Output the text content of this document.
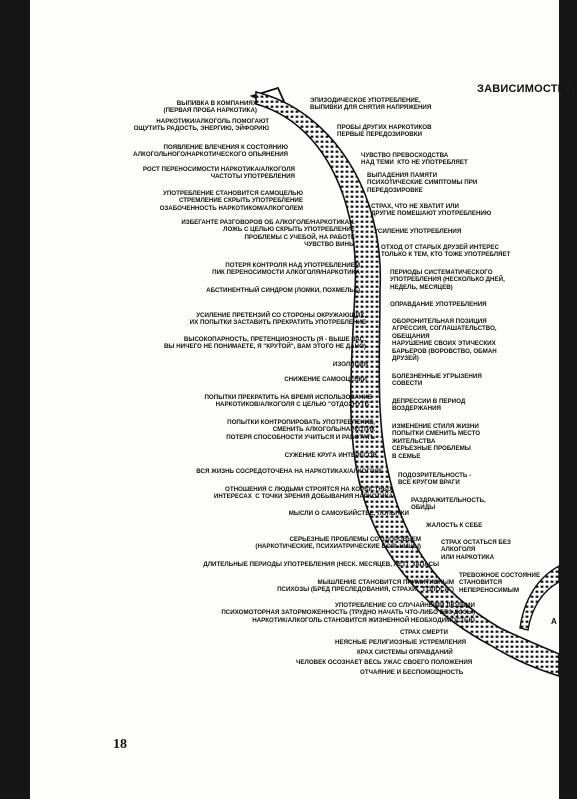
А
ЗАВИСИМОСТЬ И
ВЫПИВКА В КОМПАНИЯХ
(ПЕРВАЯ ПРОБА НАРКОТИКА)
НАРКОТИКИ/АЛКОГОЛЬ ПОМОГАЮТ
ОЩУТИТЬ РАДОСТЬ, ЭНЕРГИЮ, ЭЙФОРИЮ
ПОЯВЛЕНИЕ ВЛЕЧЕНИЯ К СОСТОЯНИЮ
АЛКОГОЛЬНОГО/НАРКОТИЧЕСКОГО ОПЬЯНЕНИЯ
РОСТ ПЕРЕНОСИМОСТИ НАРКОТИКА/АЛКОГОЛЯ
ЧАСТОТЫ УПОТРЕБЛЕНИЯ
УПОТРЕБЛЕНИЕ СТАНОВИТСЯ САМОЦЕЛЬЮ
СТРЕМЛЕНИЕ СКРЫТЬ УПОТРЕБЛЕНИЕ
ОЗАБОЧЕННОСТЬ НАРКОТИКОМ/АЛКОГОЛЕМ
ИЗБЕГАНТЕ РАЗГОВОРОВ ОБ АЛКОГОЛЕ/НАРКОТИКАХ.
ЛОЖЬ С ЦЕЛЬЮ СКРЫТЬ УПОТРЕБЛЕНИЕ
ПРОБЛЕМЫ С УЧЕБОЙ, НА РАБОТЕ
ЧУВСТВО ВИНЫ
ПОТЕРЯ КОНТРОЛЯ НАД УПОТРЕБЛЕНИЕМ
ПИК ПЕРЕНОСИМОСТИ АЛКОГОЛЯ/НАРКОТИКА
АБСТИНЕНТНЫЙ СИНДРОМ (ЛОМКИ, ПОХМЕЛЬЕ)
УСИЛЕНИЕ ПРЕТЕНЗИЙ СО СТОРОНЫ ОКРУЖАЮЩИХ,
ИХ ПОПЫТКИ ЗАСТАВИТЬ ПРЕКРАТИТЬ УПОТРЕБЛЕНИЕ
ВЫСОКОПАРНОСТЬ, ПРЕТЕНЦИОЗНОСТЬ (Я - ВЫШЕ ВАС,
ВЫ НИЧЕГО НЕ ПОНИМАЕТЕ, Я "КРУТОЙ", ВАМ ЭТОГО НЕ ДАНО)
ИЗОЛЯЦИЯ
СНИЖЕНИЕ САМООЦЕНКИ
ПОПЫТКИ ПРЕКРАТИТЬ НА ВРЕМЯ ИСПОЛЬЗОВАНИЕ
НАРКОТИКОВ/АЛКОГОЛЯ С ЦЕЛЬЮ "ОТДОХНУТЬ"
ПОПЫТКИ КОНТРОПИРОВАТЬ УПОТРЕБЛЕНИЕ,
СМЕНИТЬ АЛКОГОЛЬ/НАРКОТИК
ПОТЕРЯ СПОСОБНОСТИ УЧИТЬСЯ И РАБОТАТЬ
СУЖЕНИЕ КРУГА ИНТЕРЕСОВ
ВСЯ ЖИЗНЬ СОСРЕДОТОЧЕНА НА НАРКОТИКАХ/АЛКОГОЛЕ
ОТНОШЕНИЯ С ЛЮДЬМИ СТРОЯТСЯ НА КОРЫСТНЫХ
ИНТЕРЕСАХ  С ТОЧКИ ЗРЕНИЯ ДОБЫВАНИЯ НАРКОТИКА
МЫСЛИ О САМОУБИЙСТВЕ, ПОПЫТКИ
СЕРЬЕЗНЫЕ ПРОБЛЕМЫ СО ЗДОРОВЬЕМ
(НАРКОТИЧЕСКИЕ, ПСИХИАТРИЧЕСКИЕ БОЛЬНИЦЫ)
ДЛИТЕЛЬНЫЕ ПЕРИОДЫ УПОТРЕБЛЕНИЯ (НЕСК. МЕСЯЦЕВ, ЛЕТ)  ЗАПАСЫ
МЫШЛЕНИЕ СТАНОВИТСЯ ПРИМИТИВНЫМ
ПСИХОЗЫ (БРЕД ПРЕСЛЕДОВАНИЯ, СТРАХИ, "ГОЛОСА")
УПОТРЕБЛЕНИЕ СО СЛУЧАЙНЫМИ ЛЮДЬМИ
ПСИХОМОТОРНАЯ ЗАТОРМОЖЕННОСТЬ (ТРУДНО НАЧАТЬ ЧТО-ЛИБО БЕЗ ДОЗЫ)
НАРКОТИК/АЛКОГОЛЬ СТАНОВИТСЯ ЖИЗНЕННОЙ НЕОБХОДИМОСТЬЮ
ЭПИЗОДИЧЕСКОЕ УПОТРЕБЛЕНИЕ,
ВЫПИВКИ ДЛЯ СНЯТИЯ НАПРЯЖЕНИЯ
ПРОБЫ ДРУГИХ НАРКОТИКОВ
ПЕРВЫЕ ПЕРЕДОЗИРОВКИ
ЧУВСТВО ПРЕВОСХОДСТВА
НАД ТЕМИ  КТО НЕ УПОТРЕБЛЯЕТ
ВЫПАДЕНИЯ ПАМЯТИ
ПСИХОТИЧЕСКИЕ СИМПТОМЫ ПРИ
ПЕРЕДОЗИРОВКЕ
СТРАХ, ЧТО НЕ ХВАТИТ ИЛИ
ДРУГИЕ ПОМЕШАЮТ УПОТРЕБЛЕНИЮ
УСИЛЕНИЕ УПОТРЕБЛЕНИЯ
ОТХОД ОТ СТАРЫХ ДРУЗЕЙ ИНТЕРЕС
ТОЛЬКО К ТЕМ, КТО ТОЖЕ УПОТРЕБЛЯЕТ
ПЕРИОДЫ СИСТЕМАТИЧЕСКОГО
УПОТРЕБЛЕНИЯ (НЕСКОЛЬКО ДНЕЙ,
НЕДЕЛЬ, МЕСЯЦЕВ)
ОПРАВДАНИЕ УПОТРЕБЛЕНИЯ
ОБОРОНИТЕЛЬНАЯ ПОЗИЦИЯ
АГРЕССИЯ, СОГЛАШАТЕЛЬСТВО,
ОБЕЩАНИЯ
НАРУШЕНИЕ СВОИХ ЭТИЧЕСКИХ
БАРЬЕРОВ (ВОРОВСТВО, ОБМАН
ДРУЗЕЙ)
БОЛЕЗНЕННЫЕ УГРЫЗЕНИЯ
СОВЕСТИ
ДЕПРЕССИИ В ПЕРИОД
ВОЗДЕРЖАНИЯ
ИЗМЕНЕНИЕ СТИЛЯ ЖИЗНИ
ПОПЫТКИ СМЕНИТЬ МЕСТО
ЖИТЕЛЬСТВА
СЕРЬЕЗНЫЕ ПРОБЛЕМЫ
В СЕМЬЕ
ПОДОЗРИТЕЛЬНОСТЬ -
ВСЕ КРУГОМ ВРАГИ
РАЗДРАЖИТЕЛЬНОСТЬ,
ОБИДЫ
ЖАЛОСТЬ К СЕБЕ
СТРАХ ОСТАТЬСЯ БЕЗ
АЛКОГОЛЯ
ИЛИ НАРКОТИКА
ТРЕВОЖНОЕ СОСТОЯНИЕ
СТАНОВИТСЯ
НЕПЕРЕНОСИМЫМ
СТРАХ СМЕРТИ
НЕЯСНЫЕ РЕЛИГИОЗНЫЕ УСТРЕМЛЕНИЯ
КРАХ СИСТЕМЫ ОПРАВДАНИЙ
ЧЕЛОВЕК ОСОЗНАЕТ ВЕСЬ УЖАС СВОЕГО ПОЛОЖЕНИЯ
ОТЧАЯНИЕ И БЕСПОМОЩНОСТЬ
18
